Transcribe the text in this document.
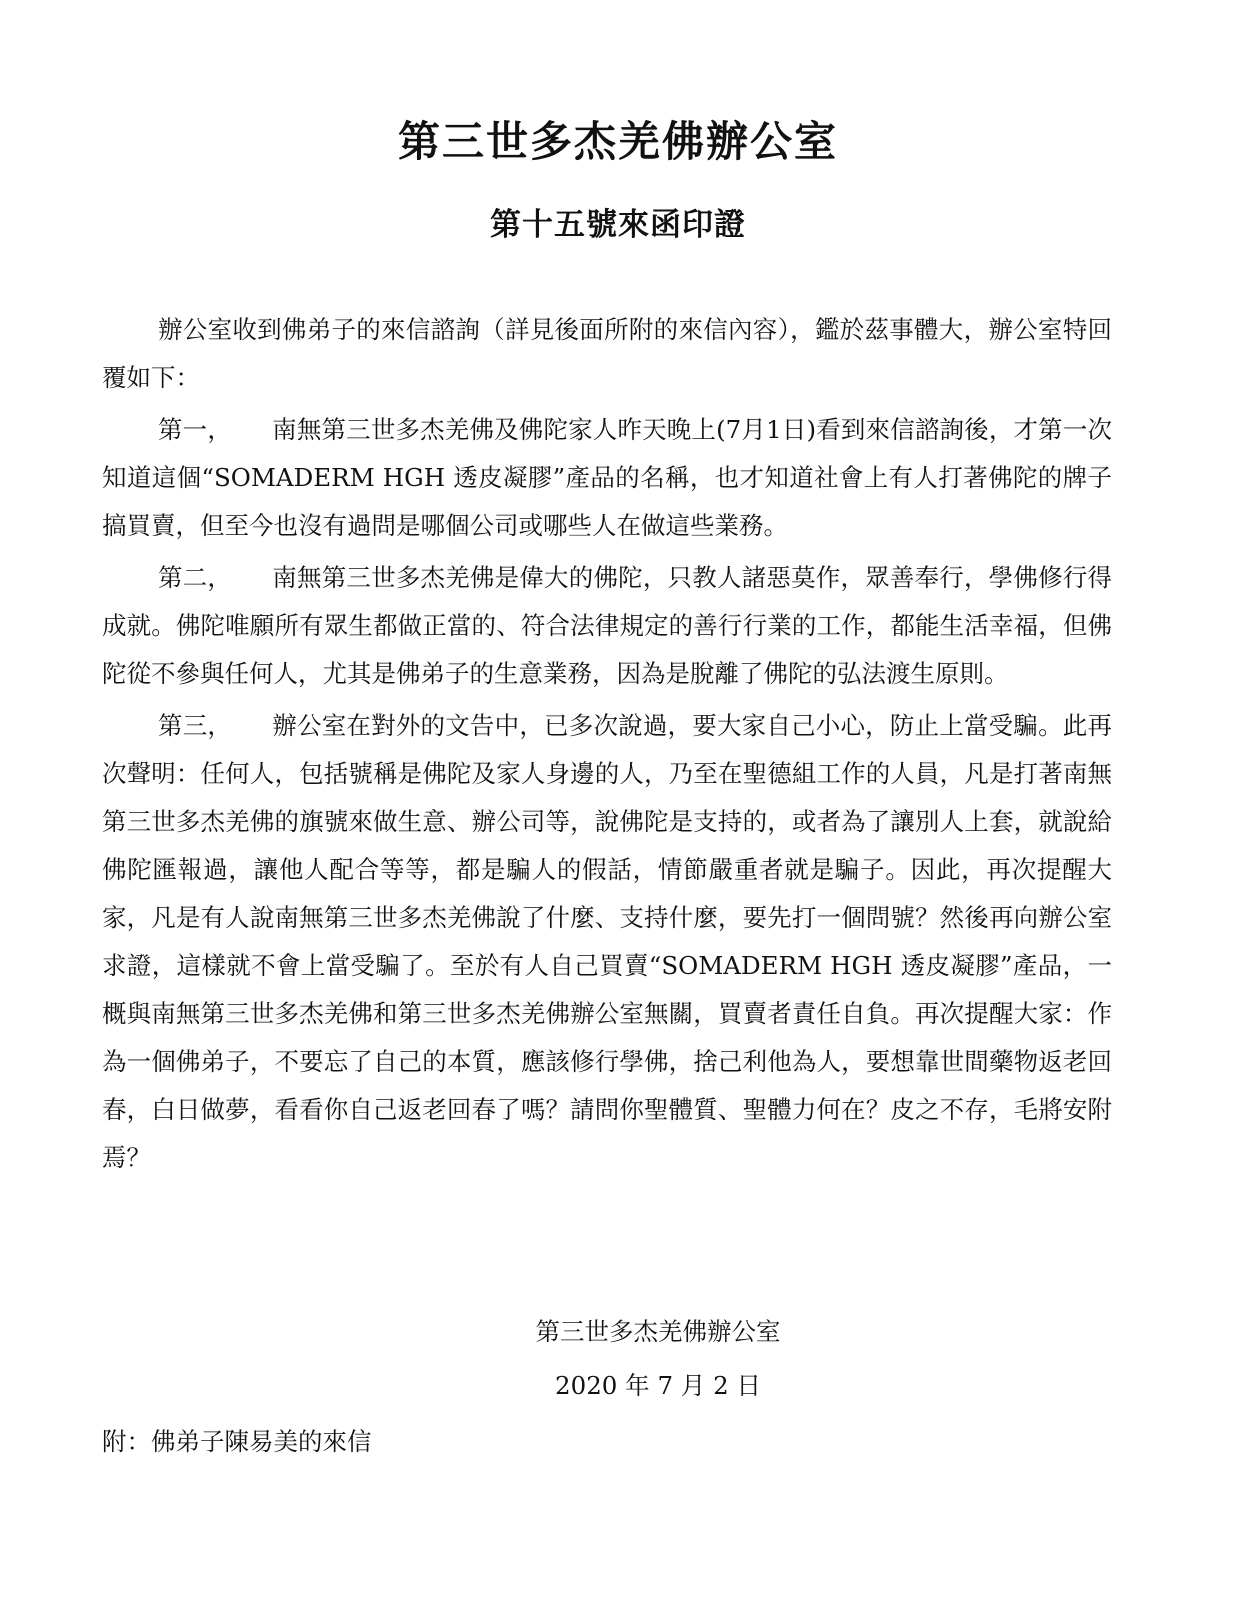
第三世多杰羌佛辦公室
第十五號來函印證

辦公室收到佛弟子的來信諮詢（詳見後面所附的來信內容），鑑於茲事體大，辦公室特回覆如下：

第一， 南無第三世多杰羌佛及佛陀家人昨天晚上(7月1日)看到來信諮詢後，才第一次知道這個“SOMADERM HGH 透皮凝膠”產品的名稱，也才知道社會上有人打著佛陀的牌子搞買賣，但至今也沒有過問是哪個公司或哪些人在做這些業務。

第二， 南無第三世多杰羌佛是偉大的佛陀，只教人諸惡莫作，眾善奉行，學佛修行得成就。佛陀唯願所有眾生都做正當的、符合法律規定的善行行業的工作，都能生活幸福，但佛陀從不參與任何人，尤其是佛弟子的生意業務，因為是脫離了佛陀的弘法渡生原則。

第三， 辦公室在對外的文告中，已多次說過，要大家自己小心，防止上當受騙。此再次聲明：任何人，包括號稱是佛陀及家人身邊的人，乃至在聖德組工作的人員，凡是打著南無第三世多杰羌佛的旗號來做生意、辦公司等，說佛陀是支持的，或者為了讓別人上套，就說給佛陀匯報過，讓他人配合等等，都是騙人的假話，情節嚴重者就是騙子。因此，再次提醒大家，凡是有人說南無第三世多杰羌佛說了什麼、支持什麼，要先打一個問號？然後再向辦公室求證，這樣就不會上當受騙了。至於有人自己買賣“SOMADERM HGH 透皮凝膠”產品，一概與南無第三世多杰羌佛和第三世多杰羌佛辦公室無關，買賣者責任自負。再次提醒大家：作為一個佛弟子，不要忘了自己的本質，應該修行學佛，捨己利他為人，要想靠世間藥物返老回春，白日做夢，看看你自己返老回春了嗎？請問你聖體質、聖體力何在？皮之不存，毛將安附焉？

第三世多杰羌佛辦公室
2020 年 7 月 2 日
附：佛弟子陳易美的來信
